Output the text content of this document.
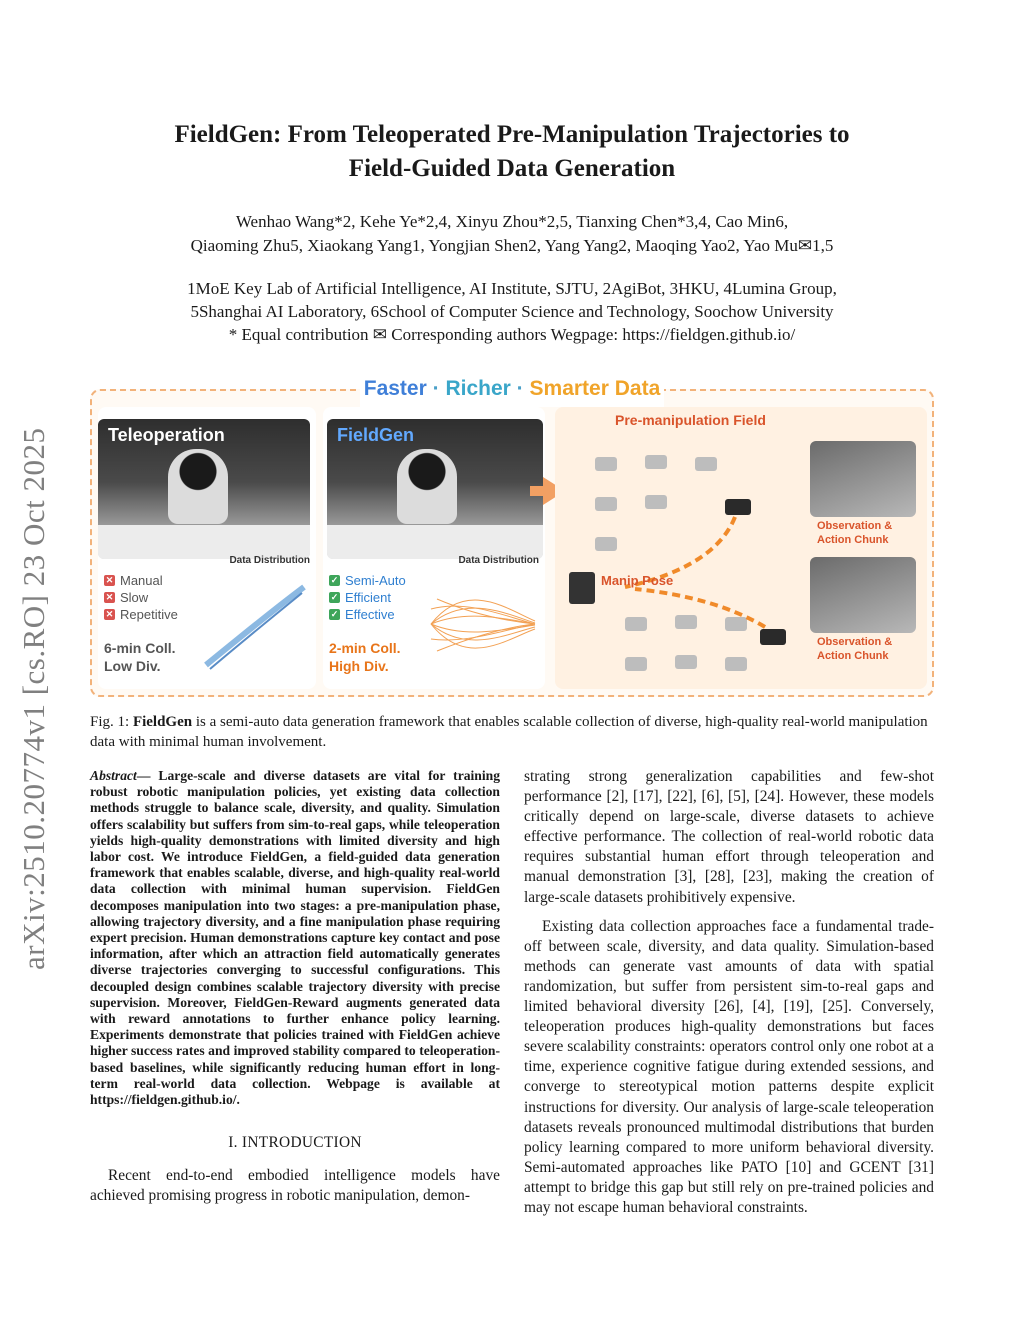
arXiv:2510.20774v1 [cs.RO] 23 Oct 2025
FieldGen: From Teleoperated Pre-Manipulation Trajectories to
Field-Guided Data Generation
Wenhao Wang*2, Kehe Ye*2,4, Xinyu Zhou*2,5, Tianxing Chen*3,4, Cao Min6,
Qiaoming Zhu5, Xiaokang Yang1, Yongjian Shen2, Yang Yang2, Maoqing Yao2, Yao Mu✉1,5
1MoE Key Lab of Artificial Intelligence, AI Institute, SJTU, 2AgiBot, 3HKU, 4Lumina Group,
5Shanghai AI Laboratory, 6School of Computer Science and Technology, Soochow University
* Equal contribution ✉ Corresponding authors Wegpage: https://fieldgen.github.io/
Faster · Richer · Smarter Data
Teleoperation
Data Distribution
✕ Manual
✕ Slow
✕ Repetitive
6-min Coll.
Low Div.
FieldGen
Data Distribution
✓ Semi-Auto
✓ Efficient
✓ Effective
2-min Coll.
High Div.
Pre-manipulation Field
Manip Pose
Observation &
Action Chunk
Observation &
Action Chunk
Fig. 1: FieldGen is a semi-auto data generation framework that enables scalable collection of diverse, high-quality real-world manipulation data with minimal human involvement.

Abstract— Large-scale and diverse datasets are vital for training robust robotic manipulation policies, yet existing data collection methods struggle to balance scale, diversity, and quality. Simulation offers scalability but suffers from sim-to-real gaps, while teleoperation yields high-quality demonstrations with limited diversity and high labor cost. We introduce FieldGen, a field-guided data generation framework that enables scalable, diverse, and high-quality real-world data collection with minimal human supervision. FieldGen decomposes manipulation into two stages: a pre-manipulation phase, allowing trajectory diversity, and a fine manipulation phase requiring expert precision. Human demonstrations capture key contact and pose information, after which an attraction field automatically generates diverse trajectories converging to successful configurations. This decoupled design combines scalable trajectory diversity with precise supervision. Moreover, FieldGen-Reward augments generated data with reward annotations to further enhance policy learning. Experiments demonstrate that policies trained with FieldGen achieve higher success rates and improved stability compared to teleoperation-based baselines, while significantly reducing human effort in long-term real-world data collection. Webpage is available at https://fieldgen.github.io/.

I. INTRODUCTION

Recent end-to-end embodied intelligence models have achieved promising progress in robotic manipulation, demon-

strating strong generalization capabilities and few-shot performance [2], [17], [22], [6], [5], [24]. However, these models critically depend on large-scale, diverse datasets to achieve effective performance. The collection of real-world robotic data requires substantial human effort through teleoperation and manual demonstration [3], [28], [23], making the creation of large-scale datasets prohibitively expensive.

Existing data collection approaches face a fundamental trade-off between scale, diversity, and data quality. Simulation-based methods can generate vast amounts of data with spatial randomization, but suffer from persistent sim-to-real gaps and limited behavioral diversity [26], [4], [19], [25]. Conversely, teleoperation produces high-quality demonstrations but faces severe scalability constraints: operators control only one robot at a time, experience cognitive fatigue during extended sessions, and converge to stereotypical motion patterns despite explicit instructions for diversity. Our analysis of large-scale teleoperation datasets reveals pronounced multimodal distributions that burden policy learning compared to more uniform behavioral diversity. Semi-automated approaches like PATO [10] and GCENT [31] attempt to bridge this gap but still rely on pre-trained policies and may not escape human behavioral constraints.
